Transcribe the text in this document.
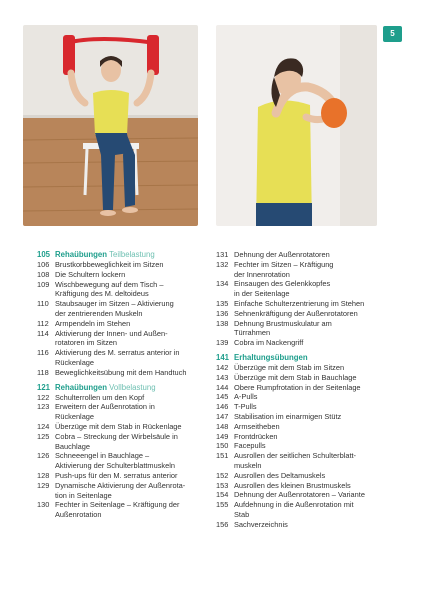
5
105 Rehaübungen Teilbelastung
106 Brustkorbbeweglichkeit im Sitzen
108 Die Schultern lockern
109 Wischbewegung auf dem Tisch –
Kräftigung des M. deltoideus
110 Staubsauger im Sitzen – Aktivierung
der zentrierenden Muskeln
112 Armpendeln im Stehen
114 Aktivierung der Innen- und Außen-
rotatoren im Sitzen
116 Aktivierung des M. serratus anterior in
Rückenlage
118 Beweglichkeitsübung mit dem Handtuch
121 Rehaübungen Vollbelastung
122 Schulterrollen um den Kopf
123 Erweitern der Außenrotation in
Rückenlage
124 Überzüge mit dem Stab in Rückenlage
125 Cobra – Streckung der Wirbelsäule in
Bauchlage
126 Schneeengel in Bauchlage –
Aktivierung der Schulterblattmuskeln
128 Push-ups für den M. serratus anterior
129 Dynamische Aktivierung der Außenrota-
tion in Seitenlage
130 Fechter in Seitenlage – Kräftigung der
Außenrotation
131 Dehnung der Außenrotatoren
132 Fechter im Sitzen – Kräftigung
der Innenrotation
134 Einsaugen des Gelenkkopfes
in der Seitenlage
135 Einfache Schulterzentrierung im Stehen
136 Sehnenkräftigung der Außenrotatoren
138 Dehnung Brustmuskulatur am
Türrahmen
139 Cobra im Nackengriff
141 Erhaltungsübungen
142 Überzüge mit dem Stab im Sitzen
143 Überzüge mit dem Stab in Bauchlage
144 Obere Rumpfrotation in der Seitenlage
145 A-Pulls
146 T-Pulls
147 Stabilisation im einarmigen Stütz
148 Armseitheben
149 Frontdrücken
150 Facepulls
151 Ausrollen der seitlichen Schulterblatt-
muskeln
152 Ausrollen des Deltamuskels
153 Ausrollen des kleinen Brustmuskels
154 Dehnung der Außenrotatoren – Variante
155 Aufdehnung in die Außenrotation mit
Stab
156 Sachverzeichnis
